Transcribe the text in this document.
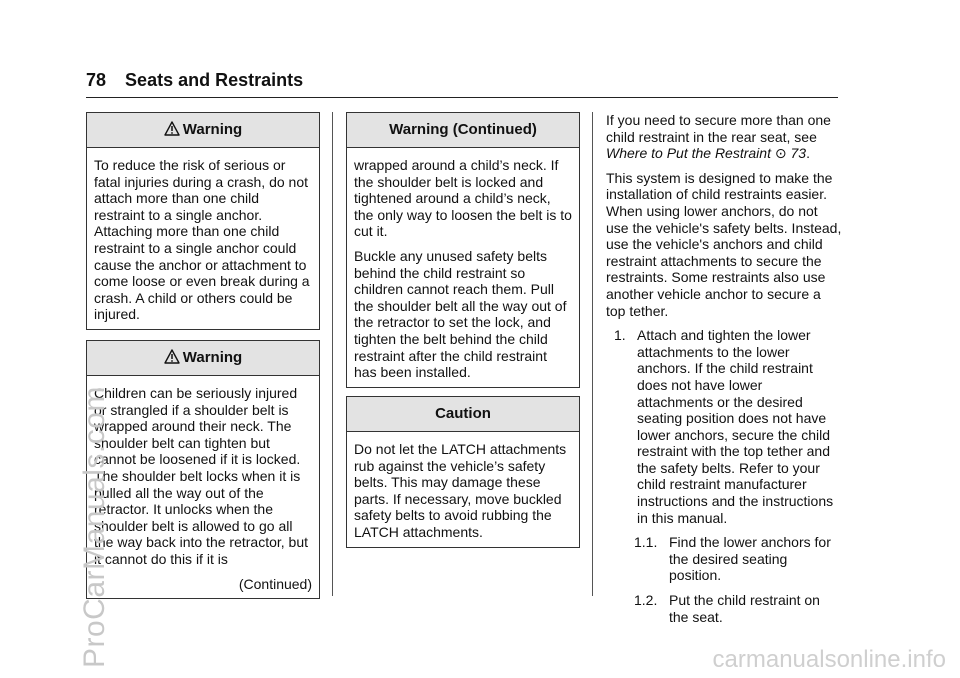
78 Seats and Restraints
Warning

To reduce the risk of serious or fatal injuries during a crash, do not attach more than one child restraint to a single anchor. Attaching more than one child restraint to a single anchor could cause the anchor or attachment to come loose or even break during a crash. A child or others could be injured.

Warning

Children can be seriously injured or strangled if a shoulder belt is wrapped around their neck. The shoulder belt can tighten but cannot be loosened if it is locked. The shoulder belt locks when it is pulled all the way out of the retractor. It unlocks when the shoulder belt is allowed to go all the way back into the retractor, but it cannot do this if it is

(Continued)
Warning (Continued)

wrapped around a child’s neck. If the shoulder belt is locked and tightened around a child’s neck, the only way to loosen the belt is to cut it.

Buckle any unused safety belts behind the child restraint so children cannot reach them. Pull the shoulder belt all the way out of the retractor to set the lock, and tighten the belt behind the child restraint after the child restraint has been installed.

Caution

Do not let the LATCH attachments rub against the vehicle’s safety belts. This may damage these parts. If necessary, move buckled safety belts to avoid rubbing the LATCH attachments.

If you need to secure more than one child restraint in the rear seat, see Where to Put the Restraint ⊙ 73.

This system is designed to make the installation of child restraints easier. When using lower anchors, do not use the vehicle's safety belts. Instead, use the vehicle's anchors and child restraint attachments to secure the restraints. Some restraints also use another vehicle anchor to secure a top tether.

1. Attach and tighten the lower attachments to the lower anchors. If the child restraint does not have lower attachments or the desired seating position does not have lower anchors, secure the child restraint with the top tether and the safety belts. Refer to your child restraint manufacturer instructions and the instructions in this manual.
1.1. Find the lower anchors for the desired seating position.
1.2. Put the child restraint on the seat.
ProCarManuals.com	carmanualsonline.info
